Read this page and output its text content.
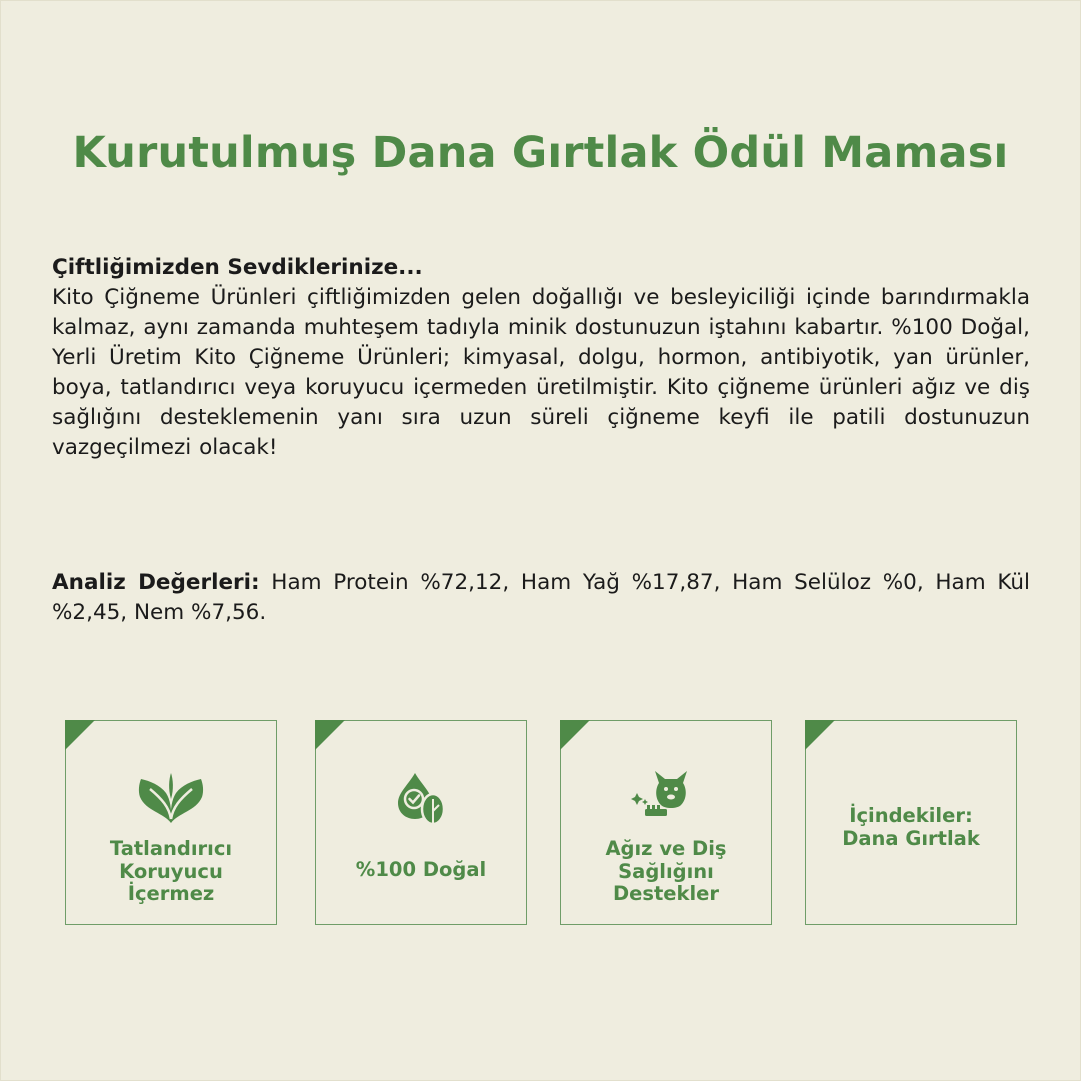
Kurutulmuş Dana Gırtlak Ödül Maması
Çiftliğimizden Sevdiklerinize...
Kito Çiğneme Ürünleri çiftliğimizden gelen doğallığı ve besleyiciliği içinde barındırmakla kalmaz, aynı zamanda muhteşem tadıyla minik dostunuzun iştahını kabartır. %100 Doğal, Yerli Üretim Kito Çiğneme Ürünleri; kimyasal, dolgu, hormon, antibiyotik, yan ürünler, boya, tatlandırıcı veya koruyucu içermeden üretilmiştir. Kito çiğneme ürünleri ağız ve diş sağlığını desteklemenin yanı sıra uzun süreli çiğneme keyfi ile patili dostunuzun vazgeçilmezi olacak!
Analiz Değerleri: Ham Protein %72,12, Ham Yağ %17,87, Ham Selüloz %0, Ham Kül %2,45, Nem %7,56.
Tatlandırıcı
Koruyucu
İçermez
%100 Doğal
Ağız ve Diş
Sağlığını
Destekler
İçindekiler:
Dana Gırtlak
